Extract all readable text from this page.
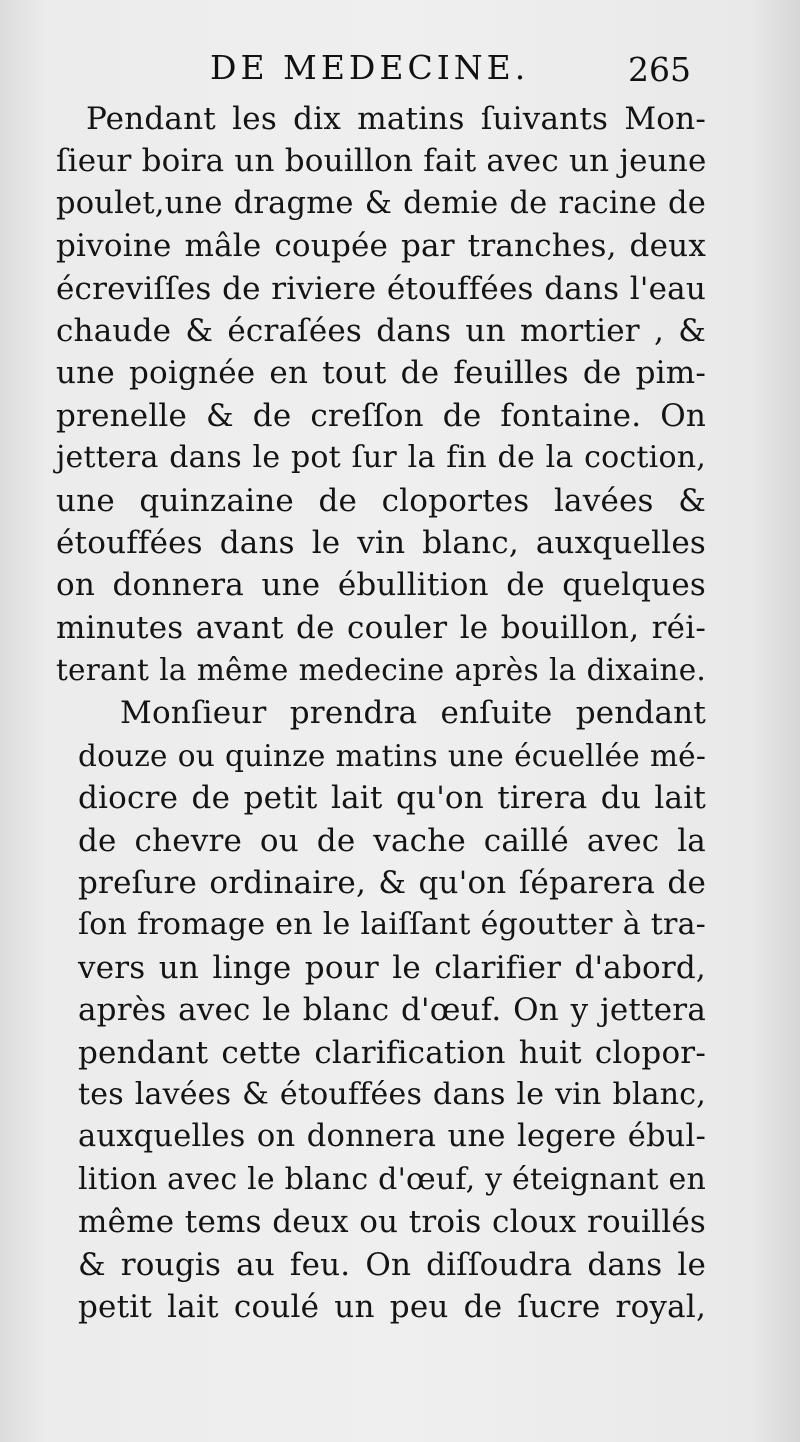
DE MEDECINE.	265
Pendant les dix matins ſuivants Mon-
ſieur boira un bouillon fait avec un jeune
poulet,une dragme & demie de racine de
pivoine mâle coupée par tranches, deux
écreviſſes de riviere étouffées dans l'eau
chaude & écraſées dans un mortier , &
une poignée en tout de feuilles de pim-
prenelle & de creſſon de fontaine. On
jettera dans le pot ſur la fin de la coction,
une quinzaine de cloportes lavées &
étouffées dans le vin blanc, auxquelles
on donnera une ébullition de quelques
minutes avant de couler le bouillon, réi-
terant la même medecine après la dixaine.
Monſieur prendra enſuite pendant
douze ou quinze matins une écuellée mé-
diocre de petit lait qu'on tirera du lait
de chevre ou de vache caillé avec la
preſure ordinaire, & qu'on ſéparera de
ſon fromage en le laiſſant égoutter à tra-
vers un linge pour le clarifier d'abord,
après avec le blanc d'œuf. On y jettera
pendant cette clarification huit clopor-
tes lavées & étouffées dans le vin blanc,
auxquelles on donnera une legere ébul-
lition avec le blanc d'œuf, y éteignant en
même tems deux ou trois cloux rouillés
& rougis au feu. On diſſoudra dans le
petit lait coulé un peu de ſucre royal,
